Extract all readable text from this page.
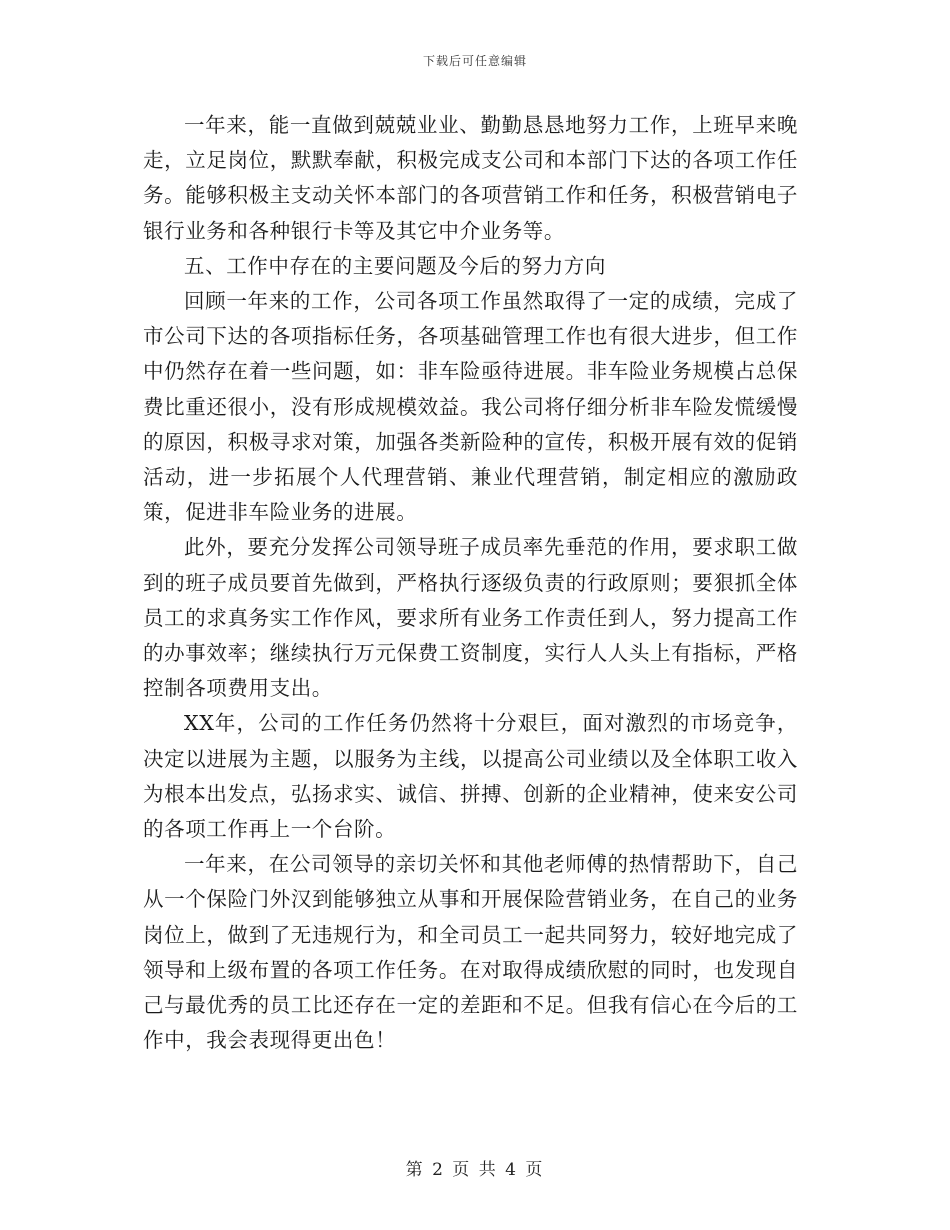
下载后可任意编辑

一年来，能一直做到兢兢业业、勤勤恳恳地努力工作，上班早来晚走，立足岗位，默默奉献，积极完成支公司和本部门下达的各项工作任务。能够积极主支动关怀本部门的各项营销工作和任务，积极营销电子银行业务和各种银行卡等及其它中介业务等。

五、工作中存在的主要问题及今后的努力方向

回顾一年来的工作，公司各项工作虽然取得了一定的成绩，完成了市公司下达的各项指标任务，各项基础管理工作也有很大进步，但工作中仍然存在着一些问题，如：非车险亟待进展。非车险业务规模占总保费比重还很小，没有形成规模效益。我公司将仔细分析非车险发慌缓慢的原因，积极寻求对策，加强各类新险种的宣传，积极开展有效的促销活动，进一步拓展个人代理营销、兼业代理营销，制定相应的激励政策，促进非车险业务的进展。

此外，要充分发挥公司领导班子成员率先垂范的作用，要求职工做到的班子成员要首先做到，严格执行逐级负责的行政原则；要狠抓全体员工的求真务实工作作风，要求所有业务工作责任到人，努力提高工作的办事效率；继续执行万元保费工资制度，实行人人头上有指标，严格控制各项费用支出。

XX年，公司的工作任务仍然将十分艰巨，面对激烈的市场竞争，决定以进展为主题，以服务为主线，以提高公司业绩以及全体职工收入为根本出发点，弘扬求实、诚信、拼搏、创新的企业精神，使来安公司的各项工作再上一个台阶。

一年来，在公司领导的亲切关怀和其他老师傅的热情帮助下，自己从一个保险门外汉到能够独立从事和开展保险营销业务，在自己的业务岗位上，做到了无违规行为，和全司员工一起共同努力，较好地完成了领导和上级布置的各项工作任务。在对取得成绩欣慰的同时，也发现自己与最优秀的员工比还存在一定的差距和不足。但我有信心在今后的工作中，我会表现得更出色！

第 2 页 共 4 页
